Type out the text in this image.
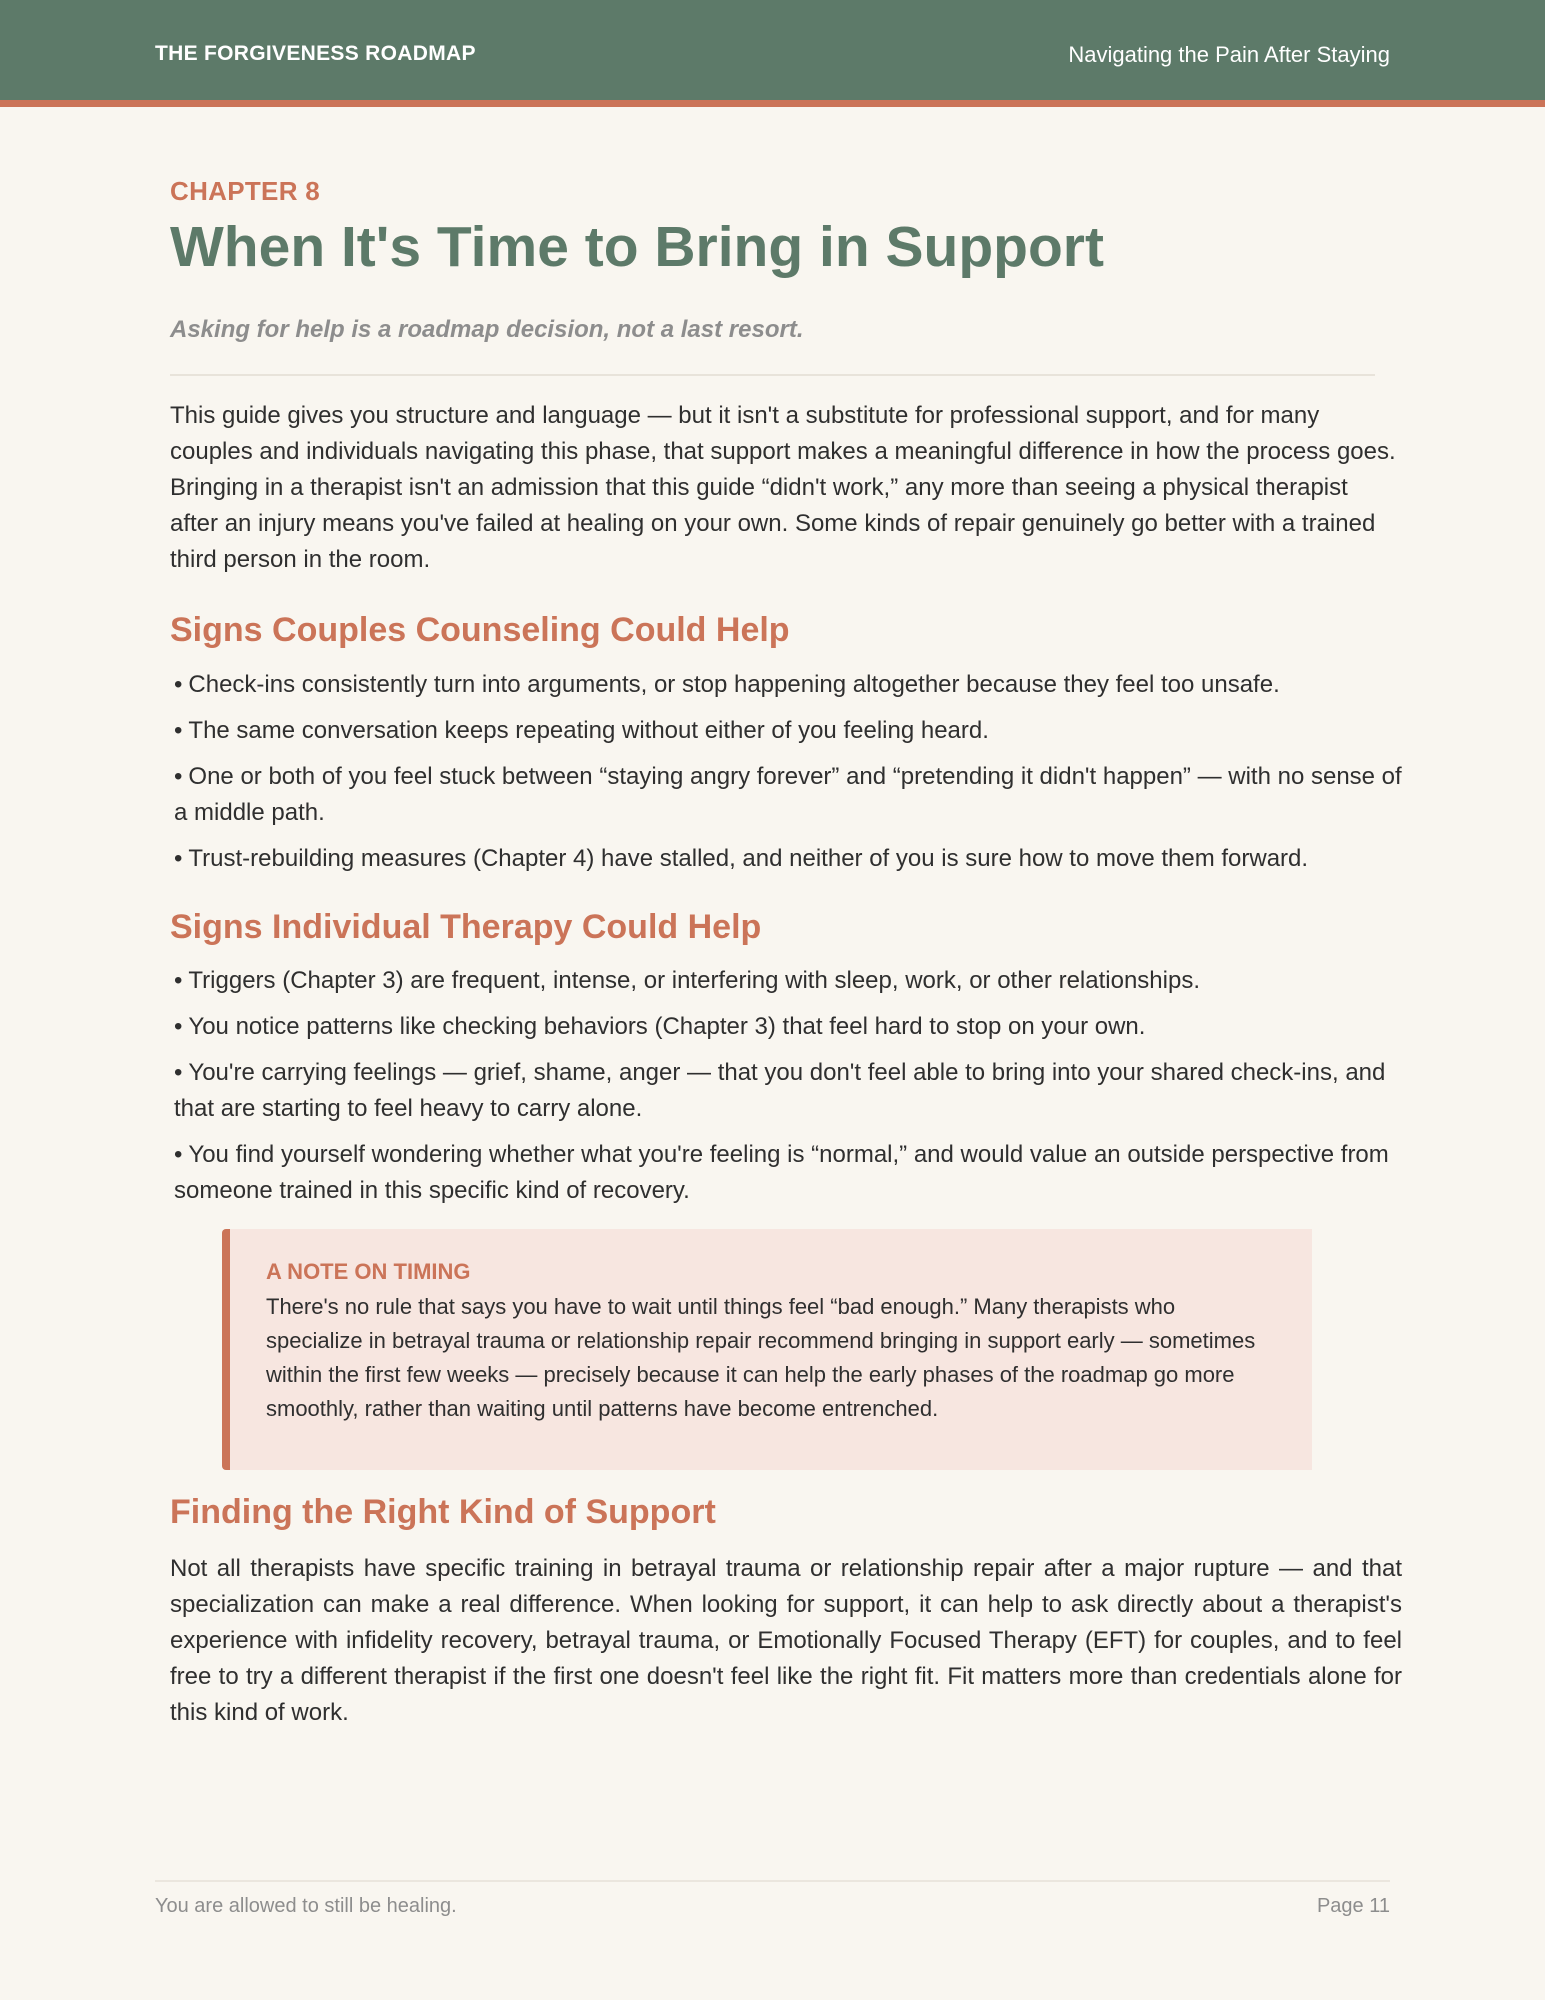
THE FORGIVENESS ROADMAP	Navigating the Pain After Staying
CHAPTER 8
When It's Time to Bring in Support
Asking for help is a roadmap decision, not a last resort.

This guide gives you structure and language — but it isn't a substitute for professional support, and for many couples and individuals navigating this phase, that support makes a meaningful difference in how the process goes. Bringing in a therapist isn't an admission that this guide “didn't work,” any more than seeing a physical therapist after an injury means you've failed at healing on your own. Some kinds of repair genuinely go better with a trained third person in the room.

Signs Couples Counseling Could Help
• Check-ins consistently turn into arguments, or stop happening altogether because they feel too unsafe.
• The same conversation keeps repeating without either of you feeling heard.
• One or both of you feel stuck between “staying angry forever” and “pretending it didn't happen” — with no sense of a middle path.
• Trust-rebuilding measures (Chapter 4) have stalled, and neither of you is sure how to move them forward.
Signs Individual Therapy Could Help
• Triggers (Chapter 3) are frequent, intense, or interfering with sleep, work, or other relationships.
• You notice patterns like checking behaviors (Chapter 3) that feel hard to stop on your own.
• You're carrying feelings — grief, shame, anger — that you don't feel able to bring into your shared check-ins, and that are starting to feel heavy to carry alone.
• You find yourself wondering whether what you're feeling is “normal,” and would value an outside perspective from someone trained in this specific kind of recovery.
A NOTE ON TIMING
There's no rule that says you have to wait until things feel “bad enough.” Many therapists who specialize in betrayal trauma or relationship repair recommend bringing in support early — sometimes within the first few weeks — precisely because it can help the early phases of the roadmap go more smoothly, rather than waiting until patterns have become entrenched.
Finding the Right Kind of Support

Not all therapists have specific training in betrayal trauma or relationship repair after a major rupture — and that specialization can make a real difference. When looking for support, it can help to ask directly about a therapist's experience with infidelity recovery, betrayal trauma, or Emotionally Focused Therapy (EFT) for couples, and to feel free to try a different therapist if the first one doesn't feel like the right fit. Fit matters more than credentials alone for this kind of work.

You are allowed to still be healing.	Page 11
